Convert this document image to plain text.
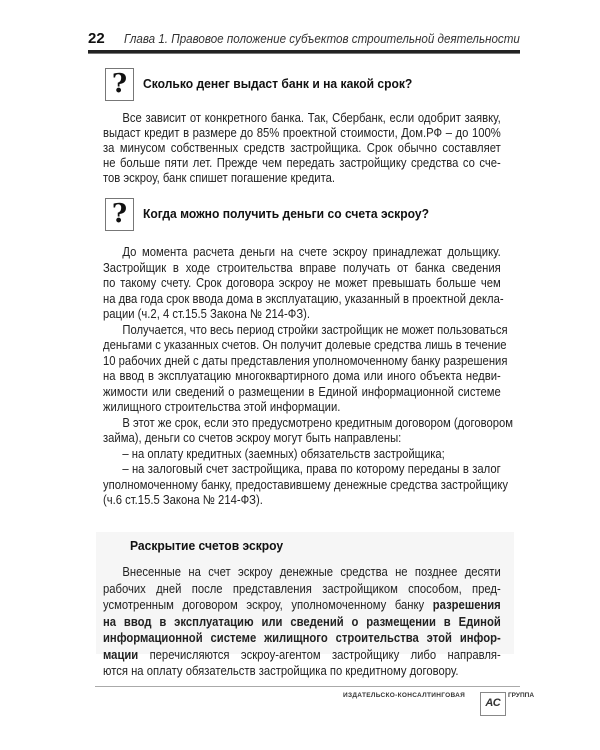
22 Глава 1. Правовое положение субъектов строительной деятельности
?	Сколько денег выдаст банк и на какой срок?
Все зависит от конкретного банка. Так, Сбербанк, если одобрит заявку,
выдаст кредит в размере до 85% проектной стоимости, Дом.РФ – до 100%
за минусом собственных средств застройщика. Срок обычно составляет
не больше пяти лет. Прежде чем передать застройщику средства со сче-
тов эскроу, банк спишет погашение кредита.
?	Когда можно получить деньги со счета эскроу?
До момента расчета деньги на счете эскроу принадлежат дольщику.
Застройщик в ходе строительства вправе получать от банка сведения
по такому счету. Срок договора эскроу не может превышать больше чем
на два года срок ввода дома в эксплуатацию, указанный в проектной декла-
рации (ч.2, 4 ст.15.5 Закона № 214-ФЗ).
Получается, что весь период стройки застройщик не может пользоваться
деньгами с указанных счетов. Он получит долевые средства лишь в течение
10 рабочих дней с даты представления уполномоченному банку разрешения
на ввод в эксплуатацию многоквартирного дома или иного объекта недви-
жимости или сведений о размещении в Единой информационной системе
жилищного строительства этой информации.
В этот же срок, если это предусмотрено кредитным договором (договором
займа), деньги со счетов эскроу могут быть направлены:
– на оплату кредитных (заемных) обязательств застройщика;
– на залоговый счет застройщика, права по которому переданы в залог
уполномоченному банку, предоставившему денежные средства застройщику
(ч.6 ст.15.5 Закона № 214-ФЗ).
Раскрытие счетов эскроу
Внесенные на счет эскроу денежные средства не позднее десяти
рабочих дней после представления застройщиком способом, пред-
усмотренным договором эскроу, уполномоченному банку разрешения
на ввод в эксплуатацию или сведений о размещении в Единой
информационной системе жилищного строительства этой инфор-
мации перечисляются эскроу-агентом застройщику либо направля-
ются на оплату обязательств застройщика по кредитному договору.
ИЗДАТЕЛЬСКО-КОНСАЛТИНГОВАЯ
АС
ГРУППА
